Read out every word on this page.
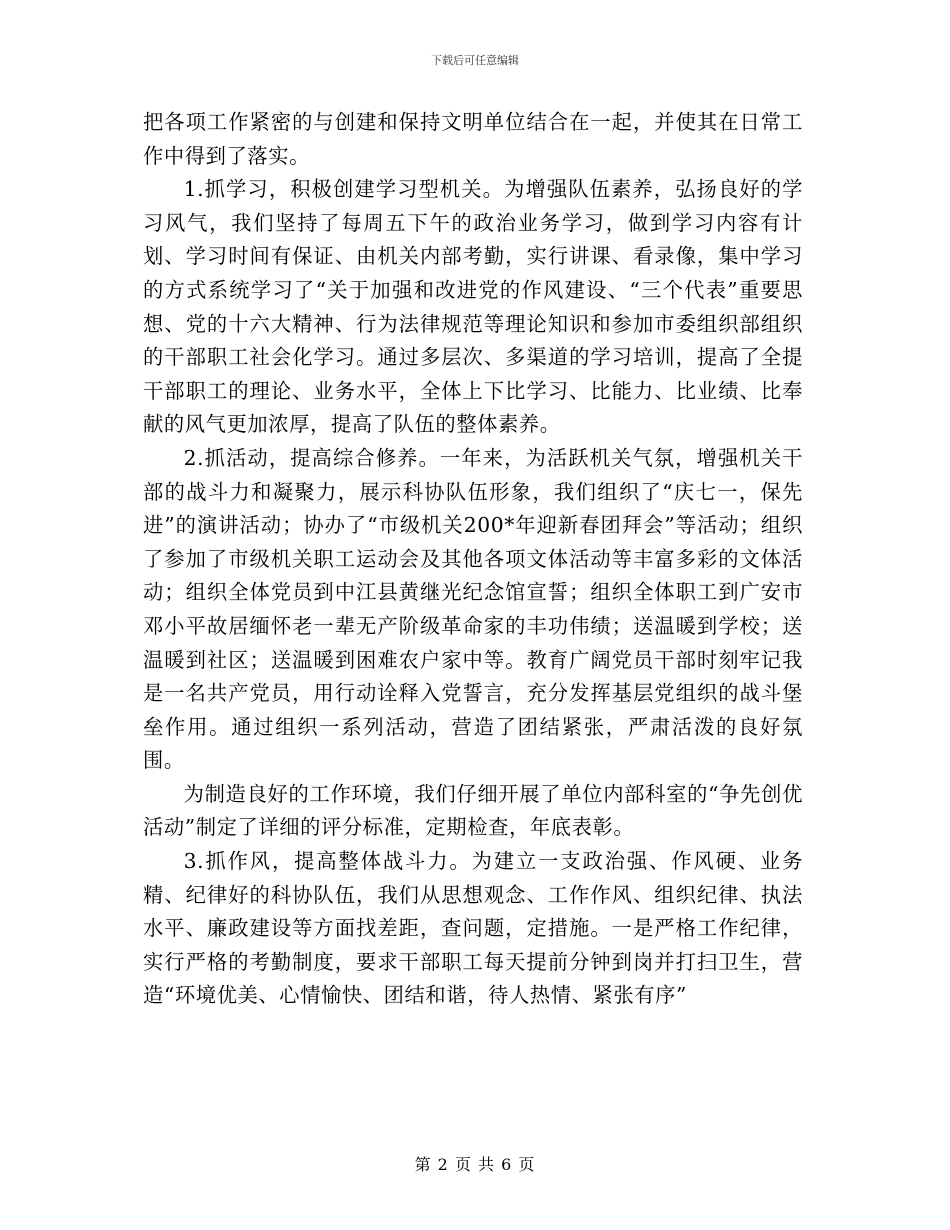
下载后可任意编辑

把各项工作紧密的与创建和保持文明单位结合在一起，并使其在日常工作中得到了落实。

1.抓学习，积极创建学习型机关。为增强队伍素养，弘扬良好的学习风气，我们坚持了每周五下午的政治业务学习，做到学习内容有计划、学习时间有保证、由机关内部考勤，实行讲课、看录像，集中学习的方式系统学习了“关于加强和改进党的作风建设、“三个代表”重要思想、党的十六大精神、行为法律规范等理论知识和参加市委组织部组织的干部职工社会化学习。通过多层次、多渠道的学习培训，提高了全提干部职工的理论、业务水平，全体上下比学习、比能力、比业绩、比奉献的风气更加浓厚，提高了队伍的整体素养。

2.抓活动，提高综合修养。一年来，为活跃机关气氛，增强机关干部的战斗力和凝聚力，展示科协队伍形象，我们组织了“庆七一，保先进”的演讲活动；协办了“市级机关200*年迎新春团拜会”等活动；组织了参加了市级机关职工运动会及其他各项文体活动等丰富多彩的文体活动；组织全体党员到中江县黄继光纪念馆宣誓；组织全体职工到广安市邓小平故居缅怀老一辈无产阶级革命家的丰功伟绩；送温暖到学校；送温暖到社区；送温暖到困难农户家中等。教育广阔党员干部时刻牢记我是一名共产党员，用行动诠释入党誓言，充分发挥基层党组织的战斗堡垒作用。通过组织一系列活动，营造了团结紧张，严肃活泼的良好氛围。

为制造良好的工作环境，我们仔细开展了单位内部科室的“争先创优活动”制定了详细的评分标准，定期检查，年底表彰。

3.抓作风，提高整体战斗力。为建立一支政治强、作风硬、业务精、纪律好的科协队伍，我们从思想观念、工作作风、组织纪律、执法水平、廉政建设等方面找差距，查问题，定措施。一是严格工作纪律，实行严格的考勤制度，要求干部职工每天提前分钟到岗并打扫卫生，营造“环境优美、心情愉快、团结和谐，待人热情、紧张有序”

第 2 页 共 6 页
